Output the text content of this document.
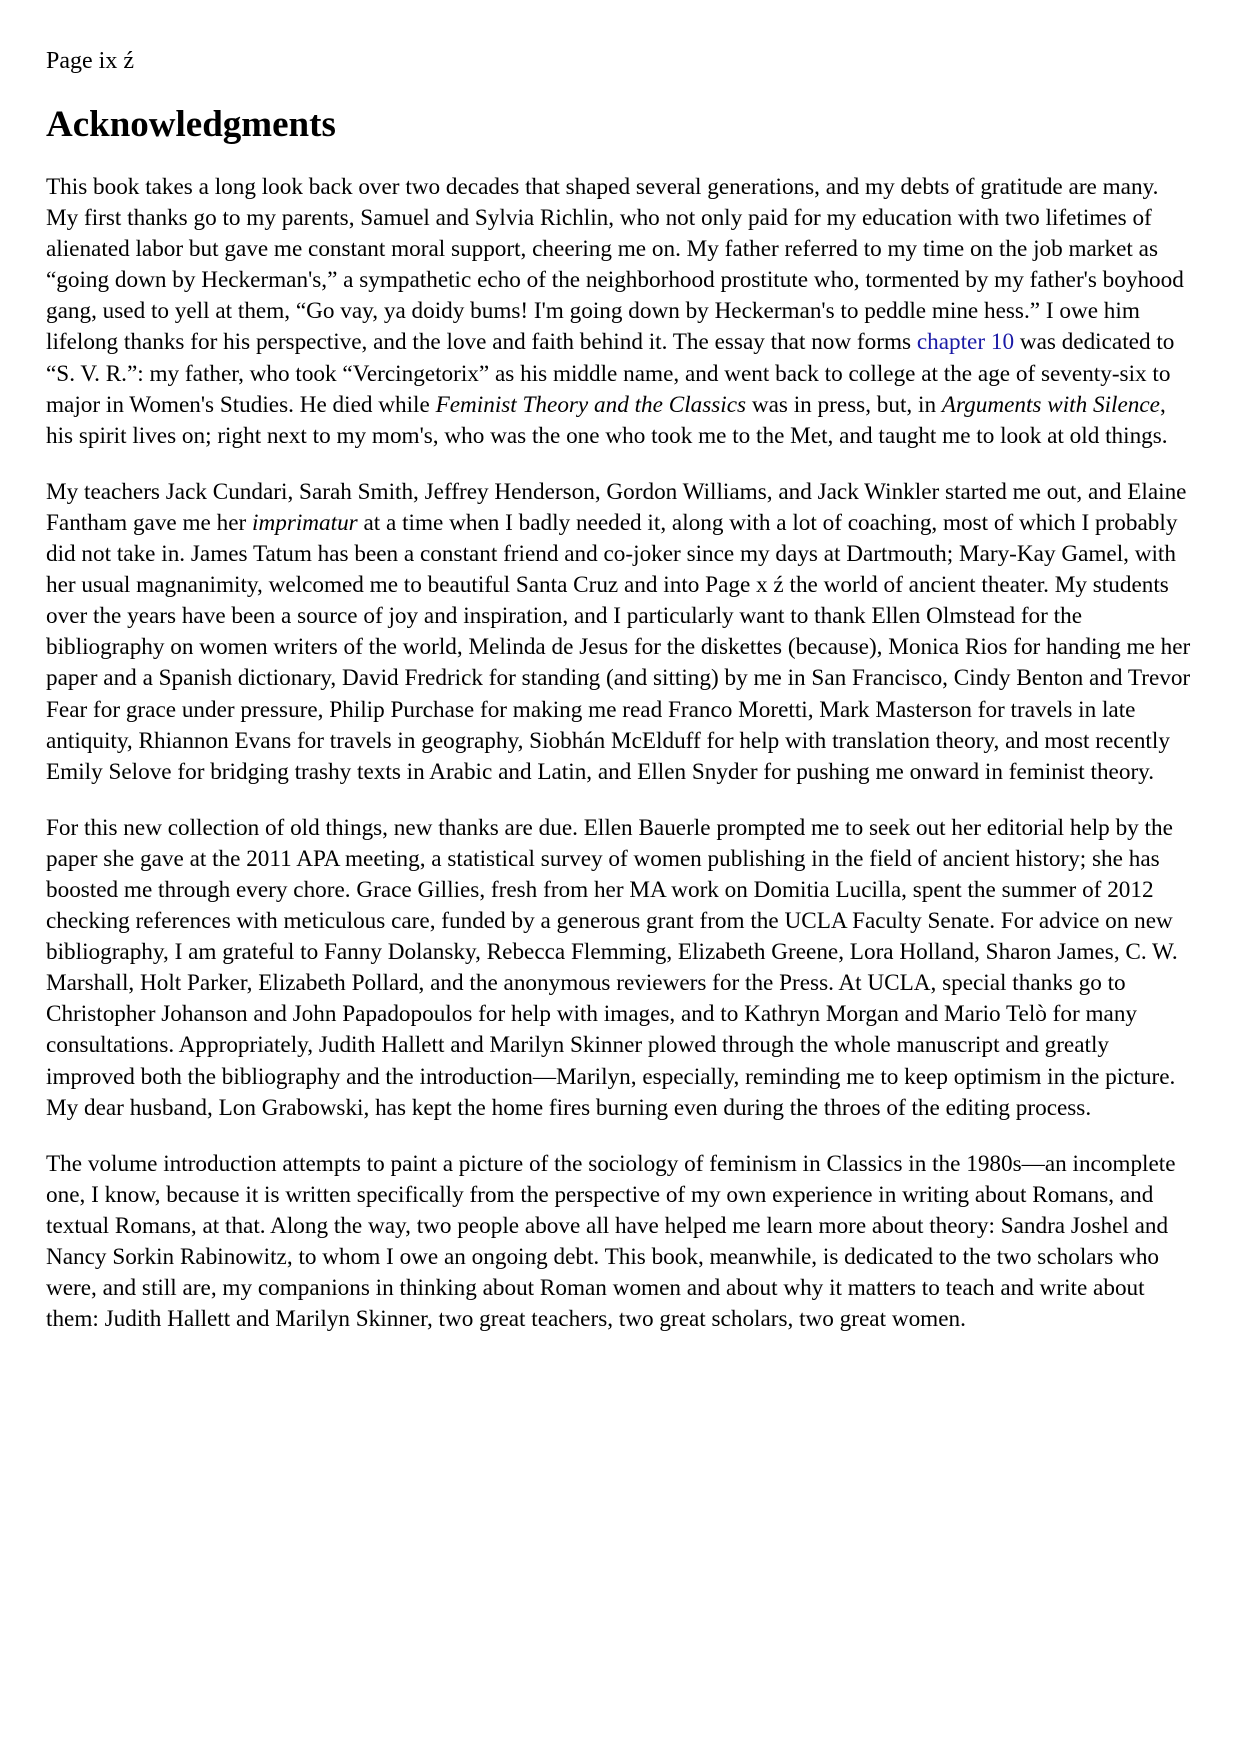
Page ix ź
Acknowledgments

This book takes a long look back over two decades that shaped several generations, and my debts of gratitude are many. My first thanks go to my parents, Samuel and Sylvia Richlin, who not only paid for my education with two lifetimes of alienated labor but gave me constant moral support, cheering me on. My father referred to my time on the job market as “going down by Heckerman's,” a sympathetic echo of the neighborhood prostitute who, tormented by my father's boyhood gang, used to yell at them, “Go vay, ya doidy bums! I'm going down by Heckerman's to peddle mine hess.” I owe him lifelong thanks for his perspective, and the love and faith behind it. The essay that now forms chapter 10 was dedicated to “S. V. R.”: my father, who took “Vercingetorix” as his middle name, and went back to college at the age of seventy-six to major in Women's Studies. He died while Feminist Theory and the Classics was in press, but, in Arguments with Silence, his spirit lives on; right next to my mom's, who was the one who took me to the Met, and taught me to look at old things.

My teachers Jack Cundari, Sarah Smith, Jeffrey Henderson, Gordon Williams, and Jack Winkler started me out, and Elaine Fantham gave me her imprimatur at a time when I badly needed it, along with a lot of coaching, most of which I probably did not take in. James Tatum has been a constant friend and co-joker since my days at Dartmouth; Mary-Kay Gamel, with her usual magnanimity, welcomed me to beautiful Santa Cruz and into Page x ź the world of ancient theater. My students over the years have been a source of joy and inspiration, and I particularly want to thank Ellen Olmstead for the bibliography on women writers of the world, Melinda de Jesus for the diskettes (because), Monica Rios for handing me her paper and a Spanish dictionary, David Fredrick for standing (and sitting) by me in San Francisco, Cindy Benton and Trevor Fear for grace under pressure, Philip Purchase for making me read Franco Moretti, Mark Masterson for travels in late antiquity, Rhiannon Evans for travels in geography, Siobhán McElduff for help with translation theory, and most recently Emily Selove for bridging trashy texts in Arabic and Latin, and Ellen Snyder for pushing me onward in feminist theory.

For this new collection of old things, new thanks are due. Ellen Bauerle prompted me to seek out her editorial help by the paper she gave at the 2011 APA meeting, a statistical survey of women publishing in the field of ancient history; she has boosted me through every chore. Grace Gillies, fresh from her MA work on Domitia Lucilla, spent the summer of 2012 checking references with meticulous care, funded by a generous grant from the UCLA Faculty Senate. For advice on new bibliography, I am grateful to Fanny Dolansky, Rebecca Flemming, Elizabeth Greene, Lora Holland, Sharon James, C. W. Marshall, Holt Parker, Elizabeth Pollard, and the anonymous reviewers for the Press. At UCLA, special thanks go to Christopher Johanson and John Papadopoulos for help with images, and to Kathryn Morgan and Mario Telò for many consultations. Appropriately, Judith Hallett and Marilyn Skinner plowed through the whole manuscript and greatly improved both the bibliography and the introduction—Marilyn, especially, reminding me to keep optimism in the picture. My dear husband, Lon Grabowski, has kept the home fires burning even during the throes of the editing process.

The volume introduction attempts to paint a picture of the sociology of feminism in Classics in the 1980s—an incomplete one, I know, because it is written specifically from the perspective of my own experience in writing about Romans, and textual Romans, at that. Along the way, two people above all have helped me learn more about theory: Sandra Joshel and Nancy Sorkin Rabinowitz, to whom I owe an ongoing debt. This book, meanwhile, is dedicated to the two scholars who were, and still are, my companions in thinking about Roman women and about why it matters to teach and write about them: Judith Hallett and Marilyn Skinner, two great teachers, two great scholars, two great women.
